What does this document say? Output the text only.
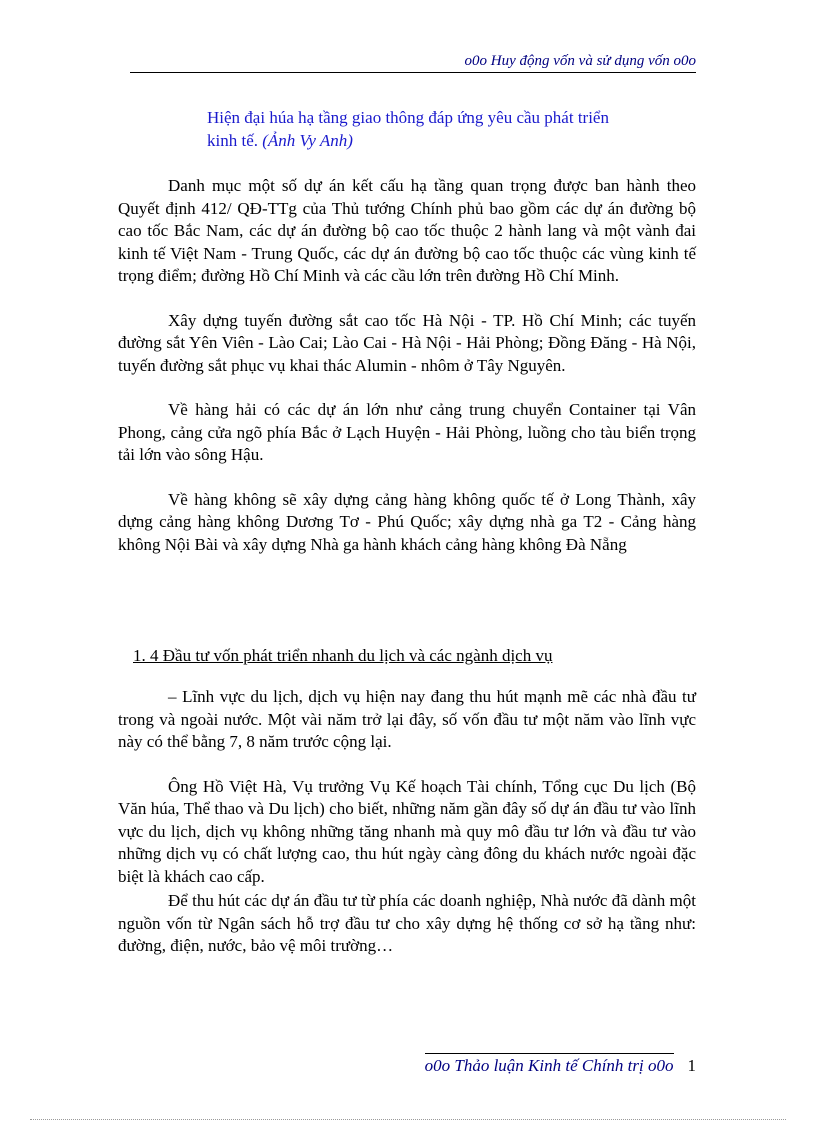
o0o Huy động vốn và sử dụng vốn o0o
Hiện đại húa hạ tầng giao thông đáp ứng yêu cầu phát triển kinh tế. (Ảnh Vy Anh)

Danh mục một số dự án kết cấu hạ tầng quan trọng được ban hành theo Quyết định 412/ QĐ-TTg của Thủ tướng Chính phủ bao gồm các dự án đường bộ cao tốc Bắc Nam, các dự án đường bộ cao tốc thuộc 2 hành lang và một vành đai kinh tế Việt Nam - Trung Quốc, các dự án đường bộ cao tốc thuộc các vùng kinh tế trọng điểm; đường Hồ Chí Minh và các cầu lớn trên đường Hồ Chí Minh.

Xây dựng tuyến đường sắt cao tốc Hà Nội - TP. Hồ Chí Minh; các tuyến đường sắt Yên Viên - Lào Cai; Lào Cai - Hà Nội - Hải Phòng; Đồng Đăng - Hà Nội, tuyến đường sắt phục vụ khai thác Alumin - nhôm ở Tây Nguyên.

Về hàng hải có các dự án lớn như cảng trung chuyển Container tại Vân Phong, cảng cửa ngõ phía Bắc ở Lạch Huyện - Hải Phòng, luồng cho tàu biển trọng tải lớn vào sông Hậu.

Về hàng không sẽ xây dựng cảng hàng không quốc tế ở Long Thành, xây dựng cảng hàng không Dương Tơ - Phú Quốc; xây dựng nhà ga T2 - Cảng hàng không Nội Bài và xây dựng Nhà ga hành khách cảng hàng không Đà Nẵng

1. 4 Đầu tư vốn phát triển nhanh du lịch và các ngành dịch vụ

– Lĩnh vực du lịch, dịch vụ hiện nay đang thu hút mạnh mẽ các nhà đầu tư trong và ngoài nước. Một vài năm trở lại đây, số vốn đầu tư một năm vào lĩnh vực này có thể bằng 7, 8 năm trước cộng lại.

Ông Hồ Việt Hà, Vụ trưởng Vụ Kế hoạch Tài chính, Tổng cục Du lịch (Bộ Văn húa, Thể thao và Du lịch) cho biết, những năm gần đây số dự án đầu tư vào lĩnh vực du lịch, dịch vụ không những tăng nhanh mà quy mô đầu tư lớn và đầu tư vào những dịch vụ có chất lượng cao, thu hút ngày càng đông du khách nước ngoài đặc biệt là khách cao cấp.

Để thu hút các dự án đầu tư từ phía các doanh nghiệp, Nhà nước đã dành một nguồn vốn từ Ngân sách hỗ trợ đầu tư cho xây dựng hệ thống cơ sở hạ tầng như: đường, điện, nước, bảo vệ môi trường…

o0o Thảo luận Kinh tế Chính trị o0o 1
